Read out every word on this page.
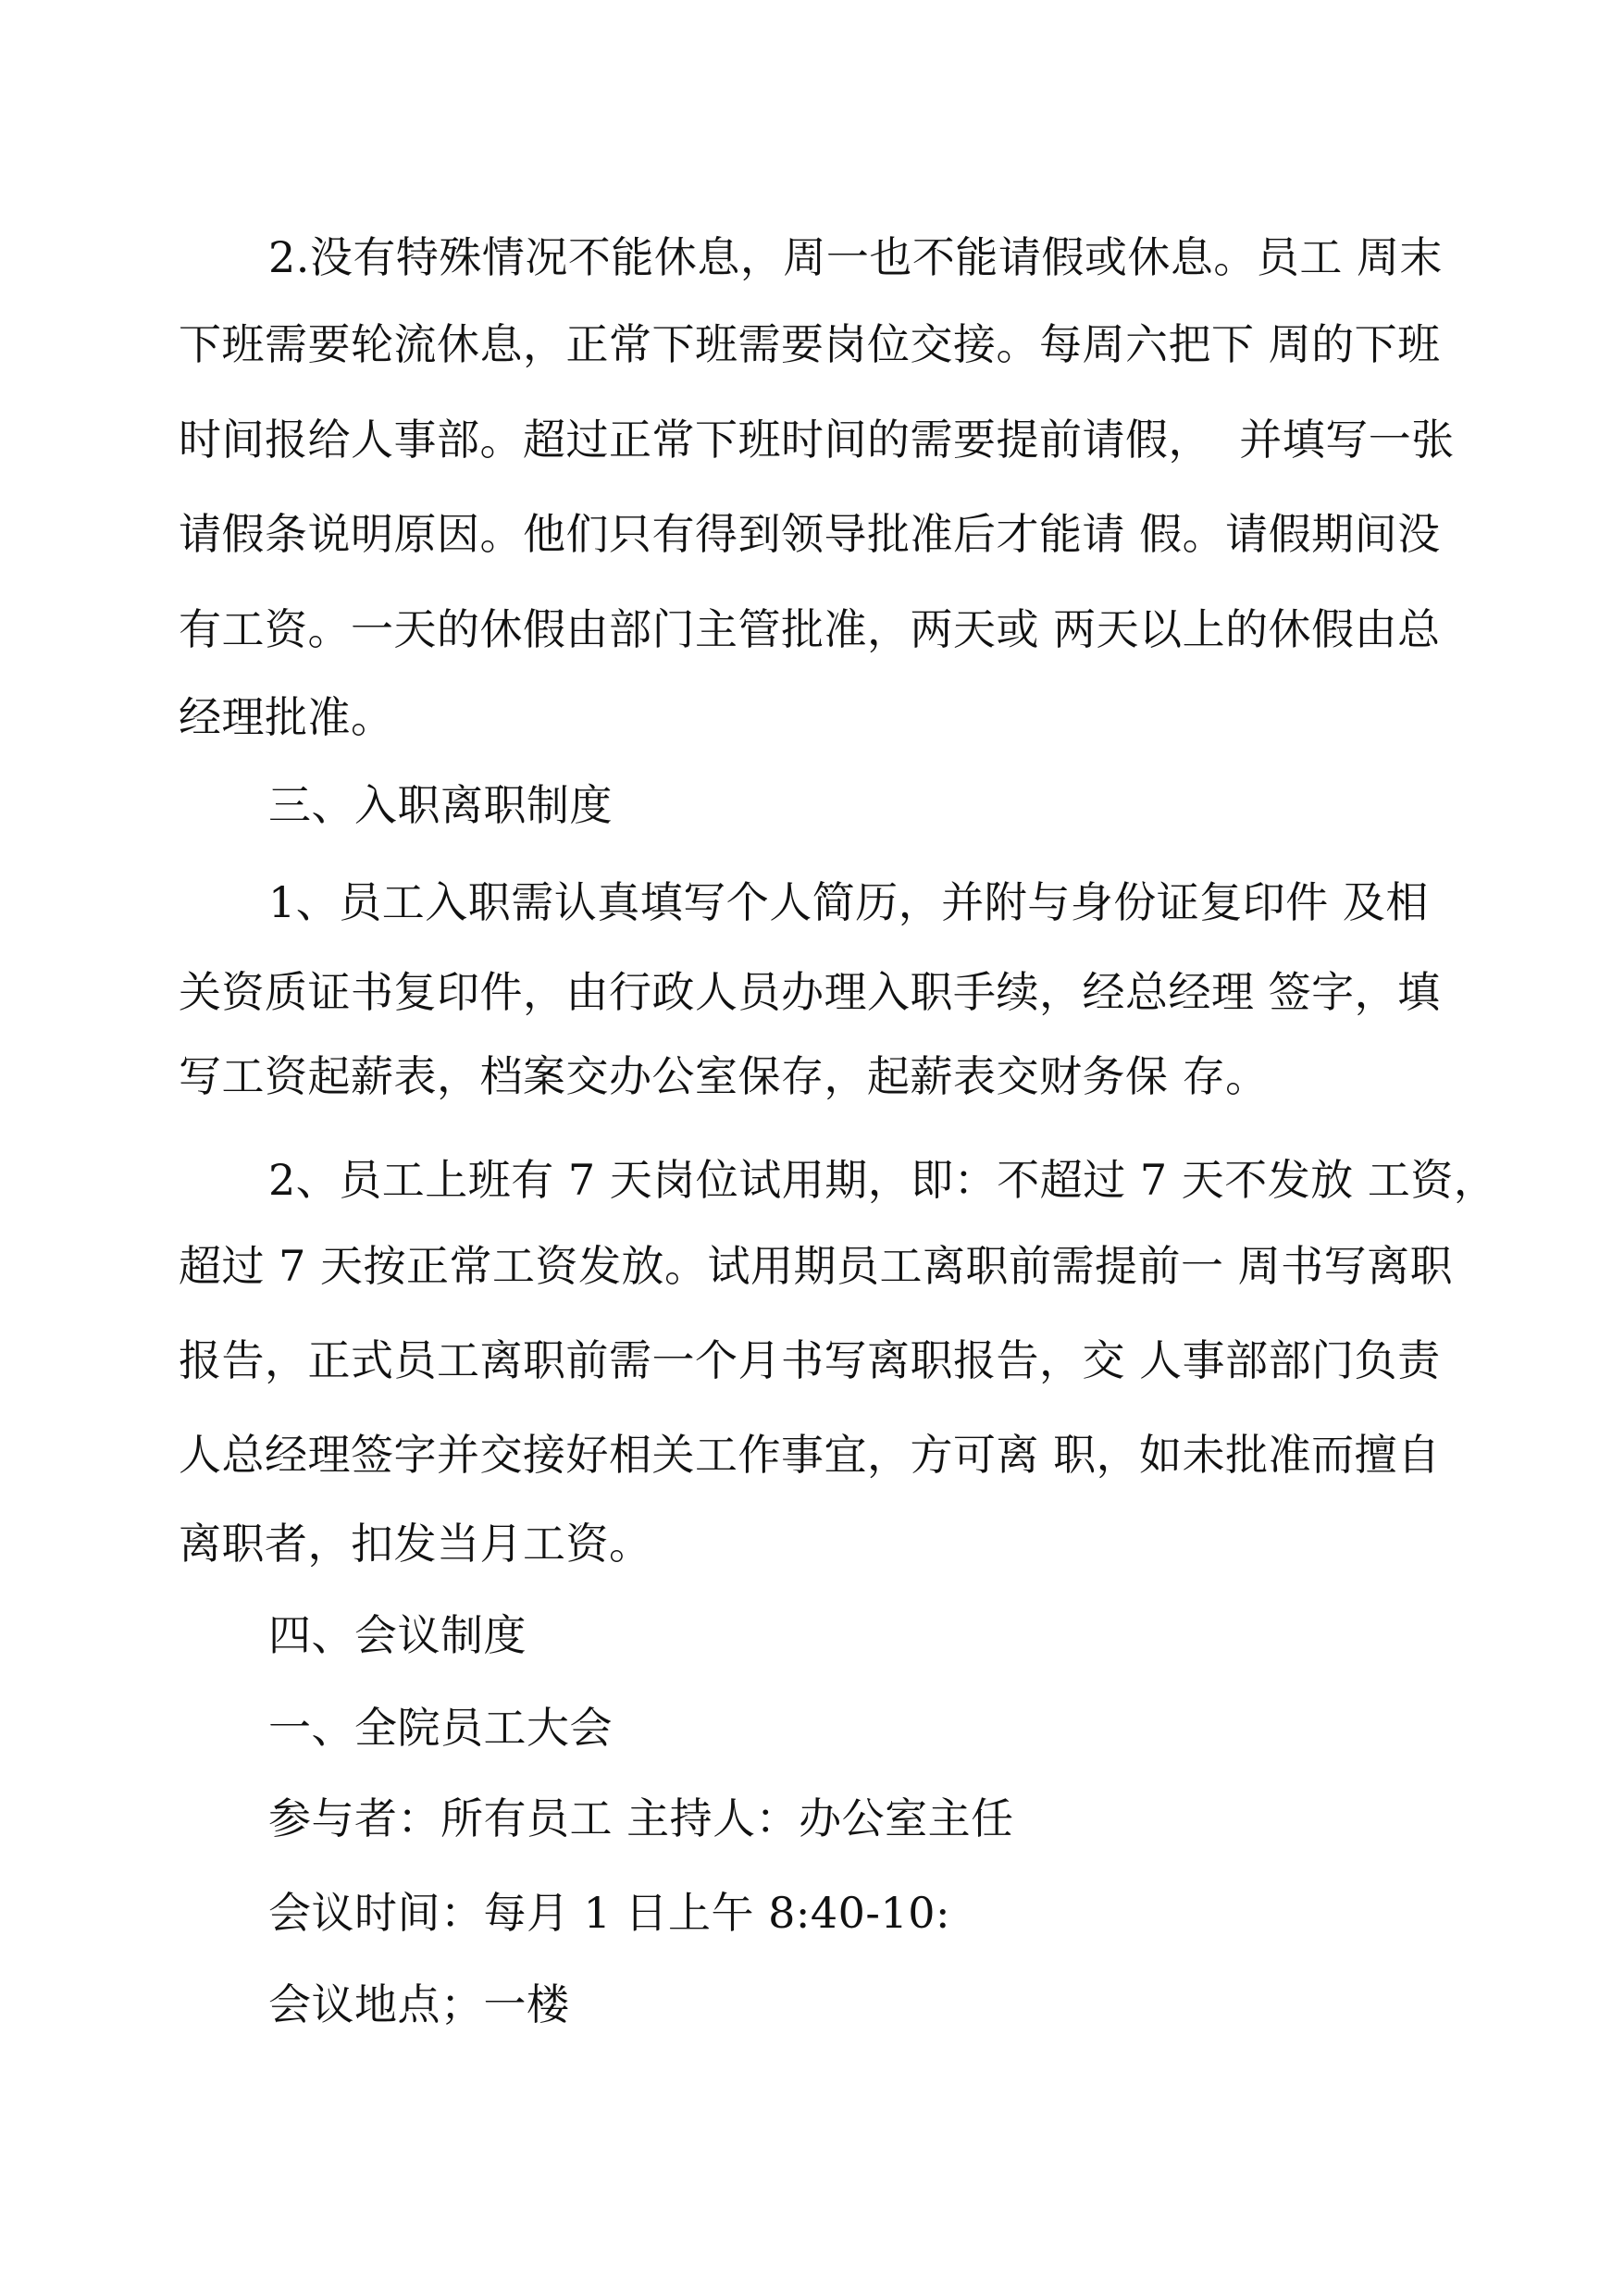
2.没有特殊情况不能休息，周一也不能请假或休息。员工 周末
下班需要轮流休息，正常下班需要岗位交接。每周六把下 周的下班
时间报给人事部。超过正常下班时间的需要提前请假，  并填写一张
请假条说明原因。他们只有得到领导批准后才能请 假。请假期间没
有工资。一天的休假由部门主管批准，两天或 两天以上的休假由总
经理批准。
三、入职离职制度
1、员工入职需认真填写个人简历，并附与身份证复印件 及相
关资质证书复印件，由行政人员办理入职手续，经总经理 签字，填
写工资起薪表，档案交办公室保存，起薪表交财务保 存。
2、员工上班有 7 天岗位试用期，即：不超过 7 天不发放 工资，
超过 7 天按正常工资发放。试用期员工离职前需提前一 周书写离职
报告，正式员工离职前需一个月书写离职报告，交 人事部部门负责
人总经理签字并交接好相关工作事宜，方可离 职，如未批准而擅自
离职者，扣发当月工资。
四、会议制度
一、全院员工大会
参与者：所有员工 主持人：办公室主任
会议时间：每月 1 日上午 8:40-10:
会议地点；一楼
